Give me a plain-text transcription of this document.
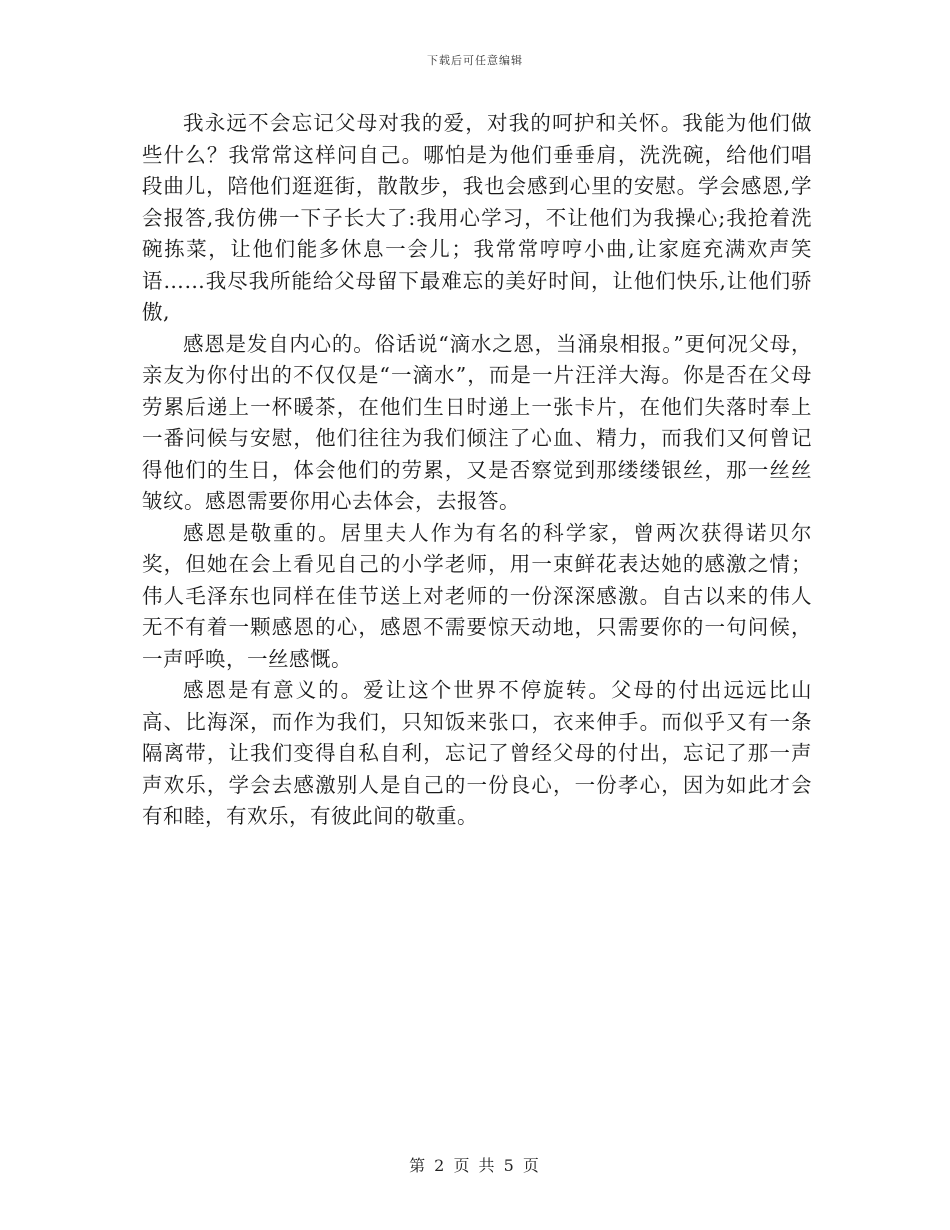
下载后可任意编辑

我永远不会忘记父母对我的爱，对我的呵护和关怀。我能为他们做些什么？我常常这样问自己。哪怕是为他们垂垂肩，洗洗碗，给他们唱段曲儿，陪他们逛逛街，散散步，我也会感到心里的安慰。学会感恩,学会报答,我仿佛一下子长大了:我用心学习，不让他们为我操心;我抢着洗碗拣菜，让他们能多休息一会儿；我常常哼哼小曲,让家庭充满欢声笑语……我尽我所能给父母留下最难忘的美好时间，让他们快乐,让他们骄傲,

感恩是发自内心的。俗话说“滴水之恩，当涌泉相报。”更何况父母，亲友为你付出的不仅仅是“一滴水”，而是一片汪洋大海。你是否在父母劳累后递上一杯暖茶，在他们生日时递上一张卡片，在他们失落时奉上一番问候与安慰，他们往往为我们倾注了心血、精力，而我们又何曾记得他们的生日，体会他们的劳累，又是否察觉到那缕缕银丝，那一丝丝皱纹。感恩需要你用心去体会，去报答。

感恩是敬重的。居里夫人作为有名的科学家，曾两次获得诺贝尔奖，但她在会上看见自己的小学老师，用一束鲜花表达她的感激之情；伟人毛泽东也同样在佳节送上对老师的一份深深感激。自古以来的伟人无不有着一颗感恩的心，感恩不需要惊天动地，只需要你的一句问候，一声呼唤，一丝感慨。

感恩是有意义的。爱让这个世界不停旋转。父母的付出远远比山高、比海深，而作为我们，只知饭来张口，衣来伸手。而似乎又有一条隔离带，让我们变得自私自利，忘记了曾经父母的付出，忘记了那一声声欢乐，学会去感激别人是自己的一份良心，一份孝心，因为如此才会有和睦，有欢乐，有彼此间的敬重。

第 2 页 共 5 页
